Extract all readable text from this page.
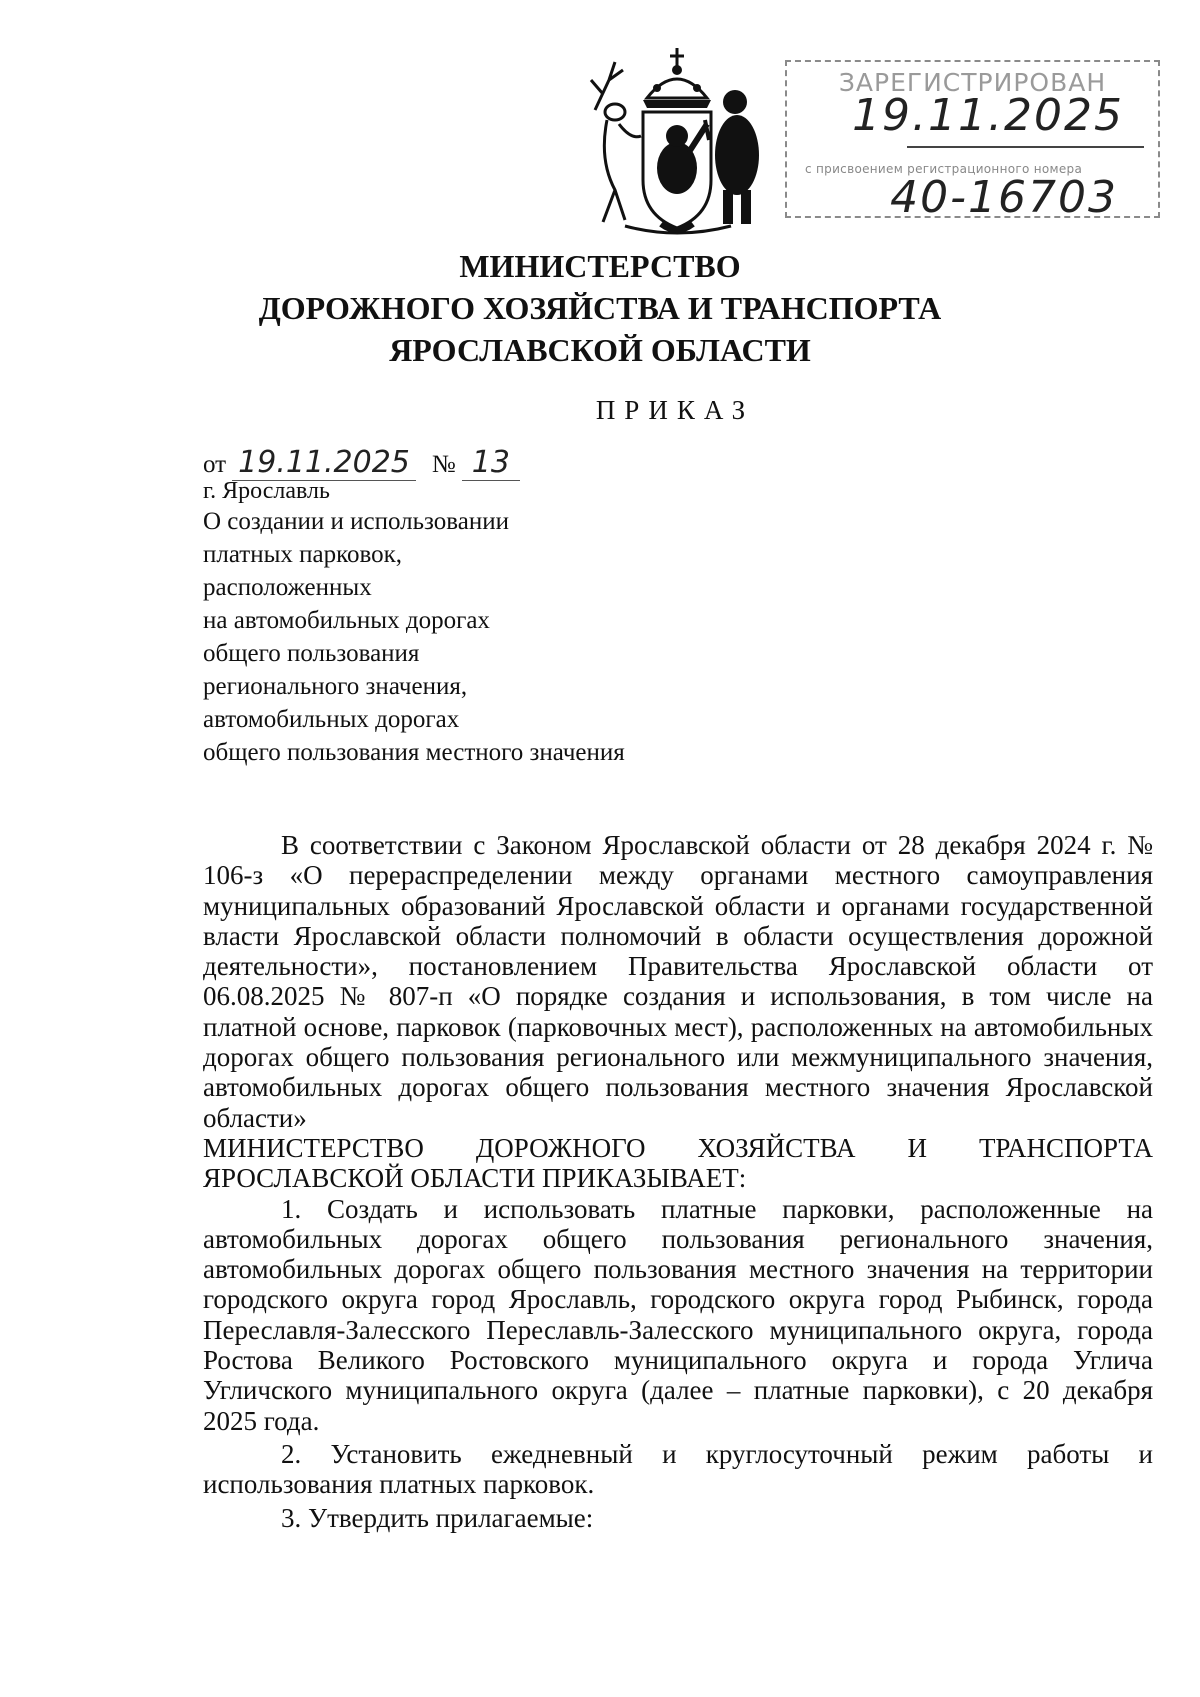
ЗАРЕГИСТРИРОВАН
19.11.2025
с присвоением регистрационного номера
40-16703
МИНИСТЕРСТВО
ДОРОЖНОГО ХОЗЯЙСТВА И ТРАНСПОРТА
ЯРОСЛАВСКОЙ ОБЛАСТИ
ПРИКАЗ
от 19.11.2025 № 13
г. Ярославль
О создании и использовании
платных парковок,
расположенных
на автомобильных дорогах
общего пользования
регионального значения,
автомобильных дорогах
общего пользования местного значения

В соответствии с Законом Ярославской области от 28 декабря 2024 г. № 106-з «О перераспределении между органами местного самоуправления муниципальных образований Ярославской области и органами государственной власти Ярославской области полномочий в области осуществления дорожной деятельности», постановлением Правительства Ярославской области от 06.08.2025 № 807-п «О порядке создания и использования, в том числе на платной основе, парковок (парковочных мест), расположенных на автомобильных дорогах общего пользования регионального или межмуниципального значения, автомобильных дорогах общего пользования местного значения Ярославской области»

МИНИСТЕРСТВО ДОРОЖНОГО ХОЗЯЙСТВА И ТРАНСПОРТА

ЯРОСЛАВСКОЙ ОБЛАСТИ ПРИКАЗЫВАЕТ:

1. Создать и использовать платные парковки, расположенные на автомобильных дорогах общего пользования регионального значения, автомобильных дорогах общего пользования местного значения на территории городского округа город Ярославль, городского округа город Рыбинск, города Переславля-Залесского Переславль-Залесского муниципального округа, города Ростова Великого Ростовского муниципального округа и города Углича Угличского муниципального округа (далее – платные парковки), с 20 декабря 2025 года.

2. Установить ежедневный и круглосуточный режим работы и использования платных парковок.

3. Утвердить прилагаемые:
